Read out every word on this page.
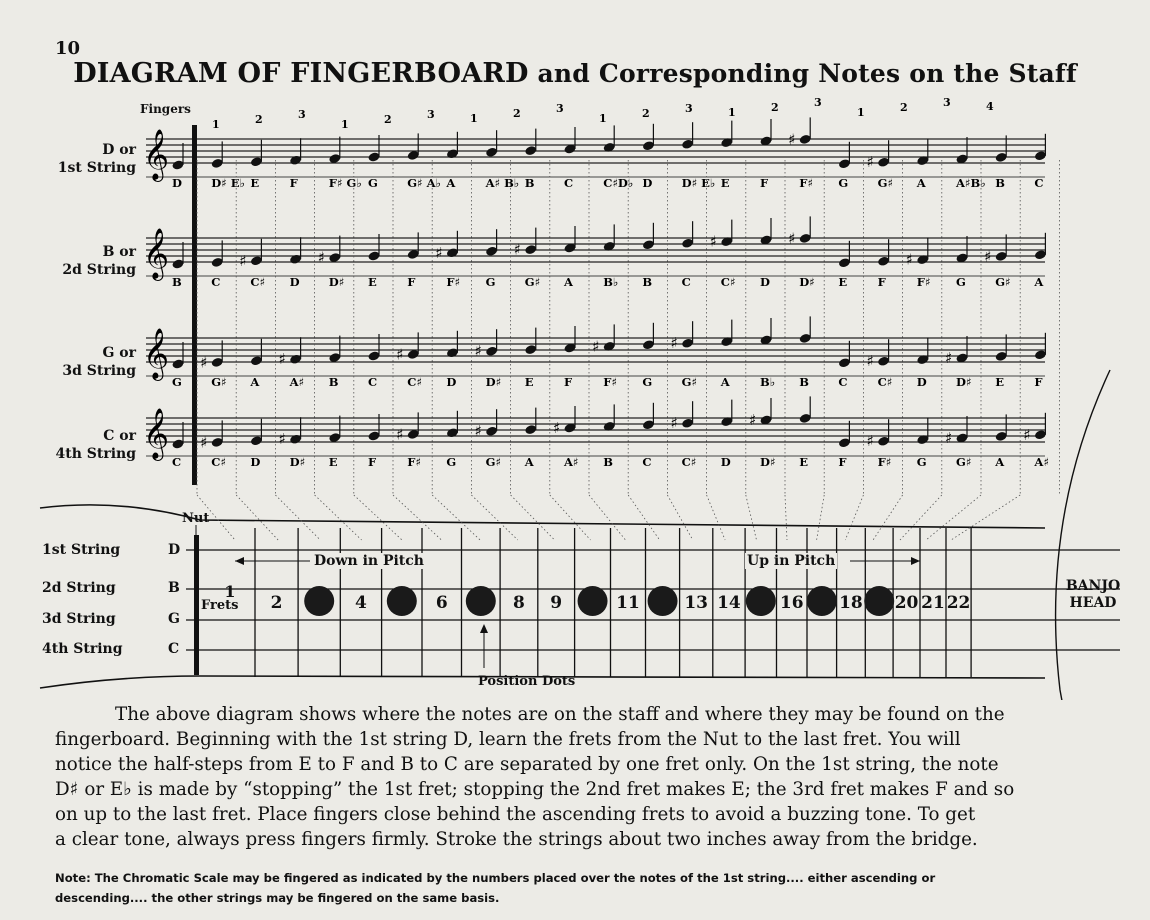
10
DIAGRAM OF FINGERBOARD and Corresponding Notes on the Staff
Fingers
D or
1st String
B or
2d String
G or
3d String
C or
4th String
𝄞
D	D♯ E♭ E	F	F♯ G♭ G	G♯ A♭ A	A♯ B♭ B	C	C♯D♭ D	D♯ E♭ E	F
♯
F♯ G
♯
G♯ A	A♯B♭ B	C
𝄞
B	C
♯
C♯ D
♯
D♯ E	F
♯
F♯ G
♯
G♯ A	B♭ B	C
♯
C♯ D
♯
D♯ E	F
♯
F♯ G
♯
G♯ A
𝄞
G
♯
G♯ A
♯
A♯ B	C
♯
C♯ D
♯
D♯ E	F
♯
F♯ G
♯
G♯ A	B♭ B	C
♯
C♯ D
♯
D♯ E	F
𝄞
C
♯
C♯ D
♯
D♯ E	F
♯
F♯ G
♯
G♯ A
♯
A♯ B	C
♯
C♯ D
♯
D♯ E	F
♯
F♯ G
♯
G♯ A
♯
A♯
1	2	3
1	2	3	1	2	3
1	2	3	1	2	3
1	2	3	4
Nut
1st String
2d String
3d String
4th String
D
B
G
C
Down in Pitch	Up in Pitch
1
Frets	2	4	6	8	9	11	13 14 16 18 20 21 22
BANJO
HEAD
Position Dots
The above diagram shows where the notes are on the staff and where they may be found on the
fingerboard. Beginning with the 1st string D, learn the frets from the Nut to the last fret. You will
notice the half-steps from E to F and B to C are separated by one fret only. On the 1st string, the note
D♯ or E♭ is made by “stopping” the 1st fret; stopping the 2nd fret makes E; the 3rd fret makes F and so
on up to the last fret. Place fingers close behind the ascending frets to avoid a buzzing tone. To get
a clear tone, always press fingers firmly. Stroke the strings about two inches away from the bridge.
Note: The Chromatic Scale may be fingered as indicated by the numbers placed over the notes of the 1st string.... either ascending or
descending.... the other strings may be fingered on the same basis.
